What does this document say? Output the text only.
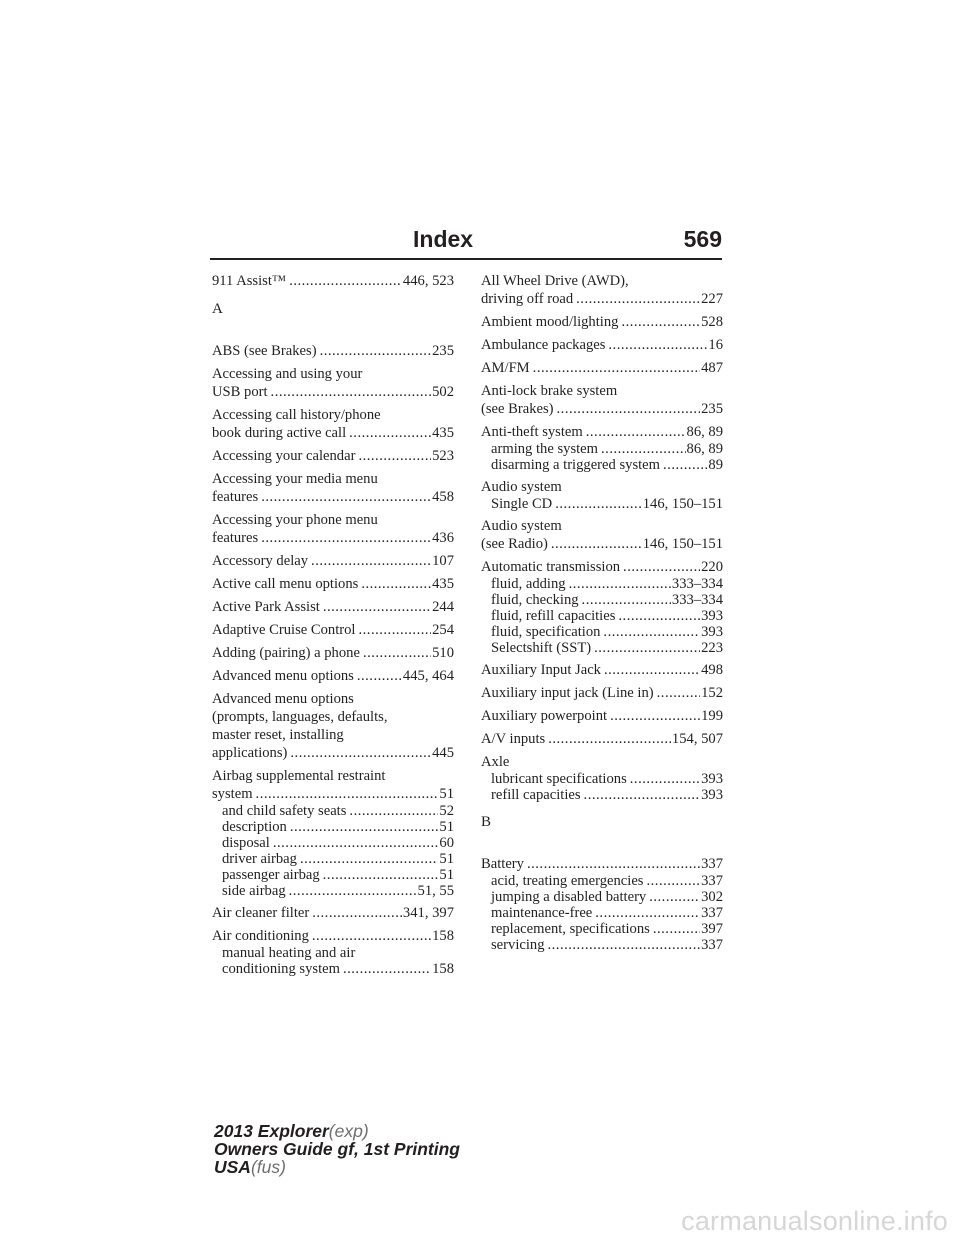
Index	569
911 Assist™ .....	446, 523
A
ABS (see Brakes) .....	235
Accessing and using your
USB port .....	502
Accessing call history/phone
book during active call .....	435
Accessing your calendar .....	523
Accessing your media menu
features .....	458
Accessing your phone menu
features .....	436
Accessory delay .....	107
Active call menu options .....	435
Active Park Assist .....	244
Adaptive Cruise Control .....	254
Adding (pairing) a phone .....	510
Advanced menu options .....	445, 464
Advanced menu options
(prompts, languages, defaults,
master reset, installing
applications) .....	445
Airbag supplemental restraint
system .....	51
and child safety seats .....	52
description .....	51
disposal .....	60
driver airbag .....	51
passenger airbag .....	51
side airbag .....	51, 55
Air cleaner filter .....	341, 397
Air conditioning .....	158
manual heating and air
conditioning system .....	158
All Wheel Drive (AWD),
driving off road .....	227
Ambient mood/lighting .....	528
Ambulance packages .....	16
AM/FM .....	487
Anti-lock brake system
(see Brakes) .....	235
Anti-theft system .....	86, 89
arming the system .....	86, 89
disarming a triggered system .....	89
Audio system
Single CD .....	146, 150–151
Audio system
(see Radio) .....	146, 150–151
Automatic transmission .....	220
fluid, adding .....	333–334
fluid, checking .....	333–334
fluid, refill capacities .....	393
fluid, specification .....	393
Selectshift (SST) .....	223
Auxiliary Input Jack .....	498
Auxiliary input jack (Line in) .....	152
Auxiliary powerpoint .....	199
A/V inputs .....	154, 507
Axle
lubricant specifications .....	393
refill capacities .....	393
B
Battery .....	337
acid, treating emergencies .....	337
jumping a disabled battery .....	302
maintenance-free .....	337
replacement, specifications .....	397
servicing .....	337
2013 Explorer(exp)
Owners Guide gf, 1st Printing
USA(fus)
carmanualsonline.info
